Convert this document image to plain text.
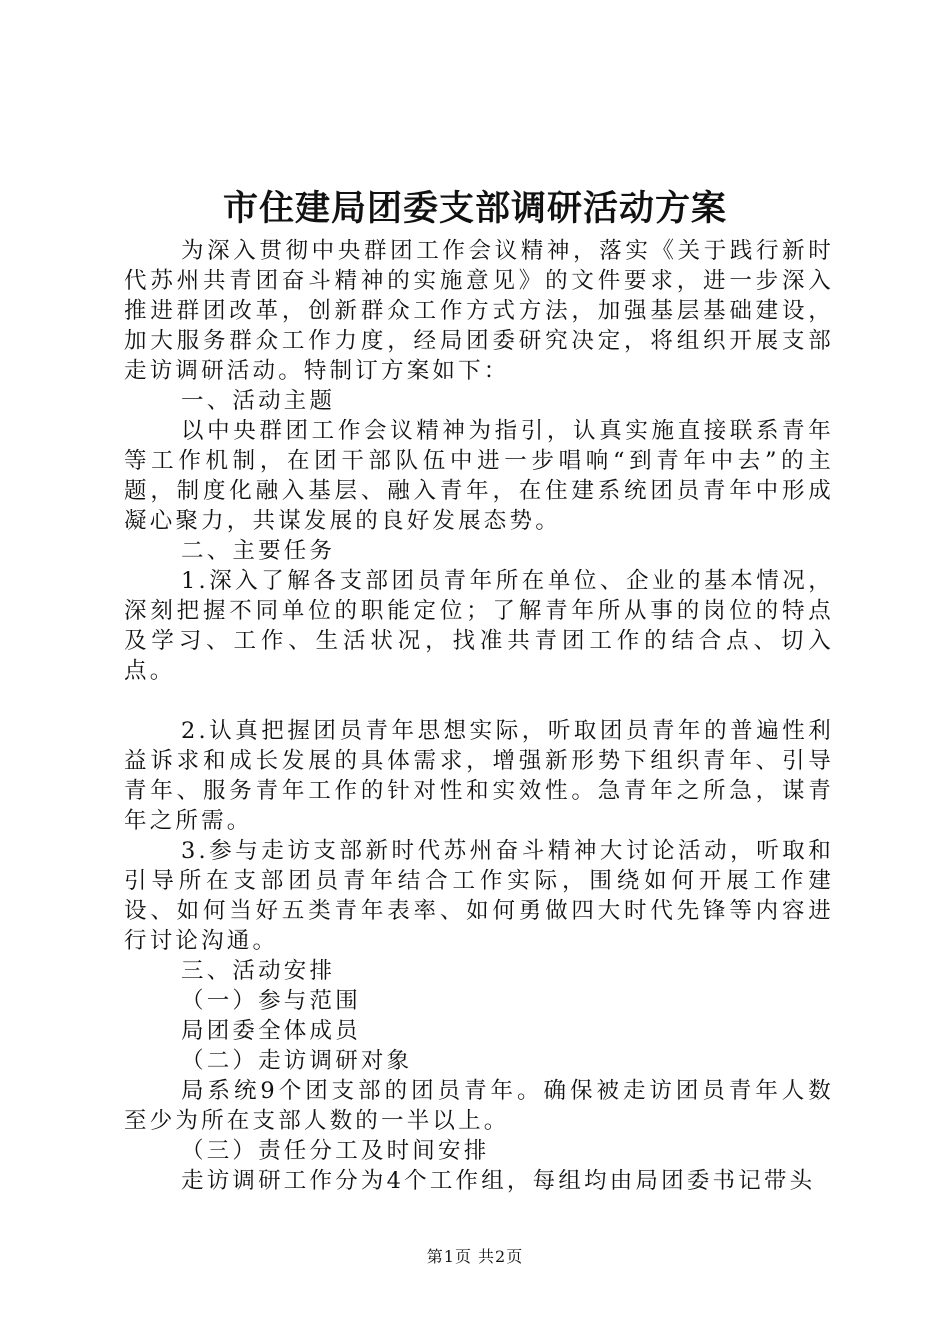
市住建局团委支部调研活动方案

为深入贯彻中央群团工作会议精神，落实《关于践行新时代苏州共青团奋斗精神的实施意见》的文件要求，进一步深入推进群团改革，创新群众工作方式方法，加强基层基础建设，加大服务群众工作力度，经局团委研究决定，将组织开展支部走访调研活动。特制订方案如下：

一、活动主题

以中央群团工作会议精神为指引，认真实施直接联系青年等工作机制，在团干部队伍中进一步唱响“到青年中去”的主题，制度化融入基层、融入青年，在住建系统团员青年中形成凝心聚力，共谋发展的良好发展态势。

二、主要任务

1.深入了解各支部团员青年所在单位、企业的基本情况，深刻把握不同单位的职能定位；了解青年所从事的岗位的特点及学习、工作、生活状况，找准共青团工作的结合点、切入点。

2.认真把握团员青年思想实际，听取团员青年的普遍性利益诉求和成长发展的具体需求，增强新形势下组织青年、引导青年、服务青年工作的针对性和实效性。急青年之所急，谋青年之所需。

3.参与走访支部新时代苏州奋斗精神大讨论活动，听取和引导所在支部团员青年结合工作实际，围绕如何开展工作建设、如何当好五类青年表率、如何勇做四大时代先锋等内容进行讨论沟通。

三、活动安排

（一）参与范围

局团委全体成员

（二）走访调研对象

局系统9个团支部的团员青年。确保被走访团员青年人数至少为所在支部人数的一半以上。

（三）责任分工及时间安排

走访调研工作分为4个工作组，每组均由局团委书记带头

第1页 共2页
